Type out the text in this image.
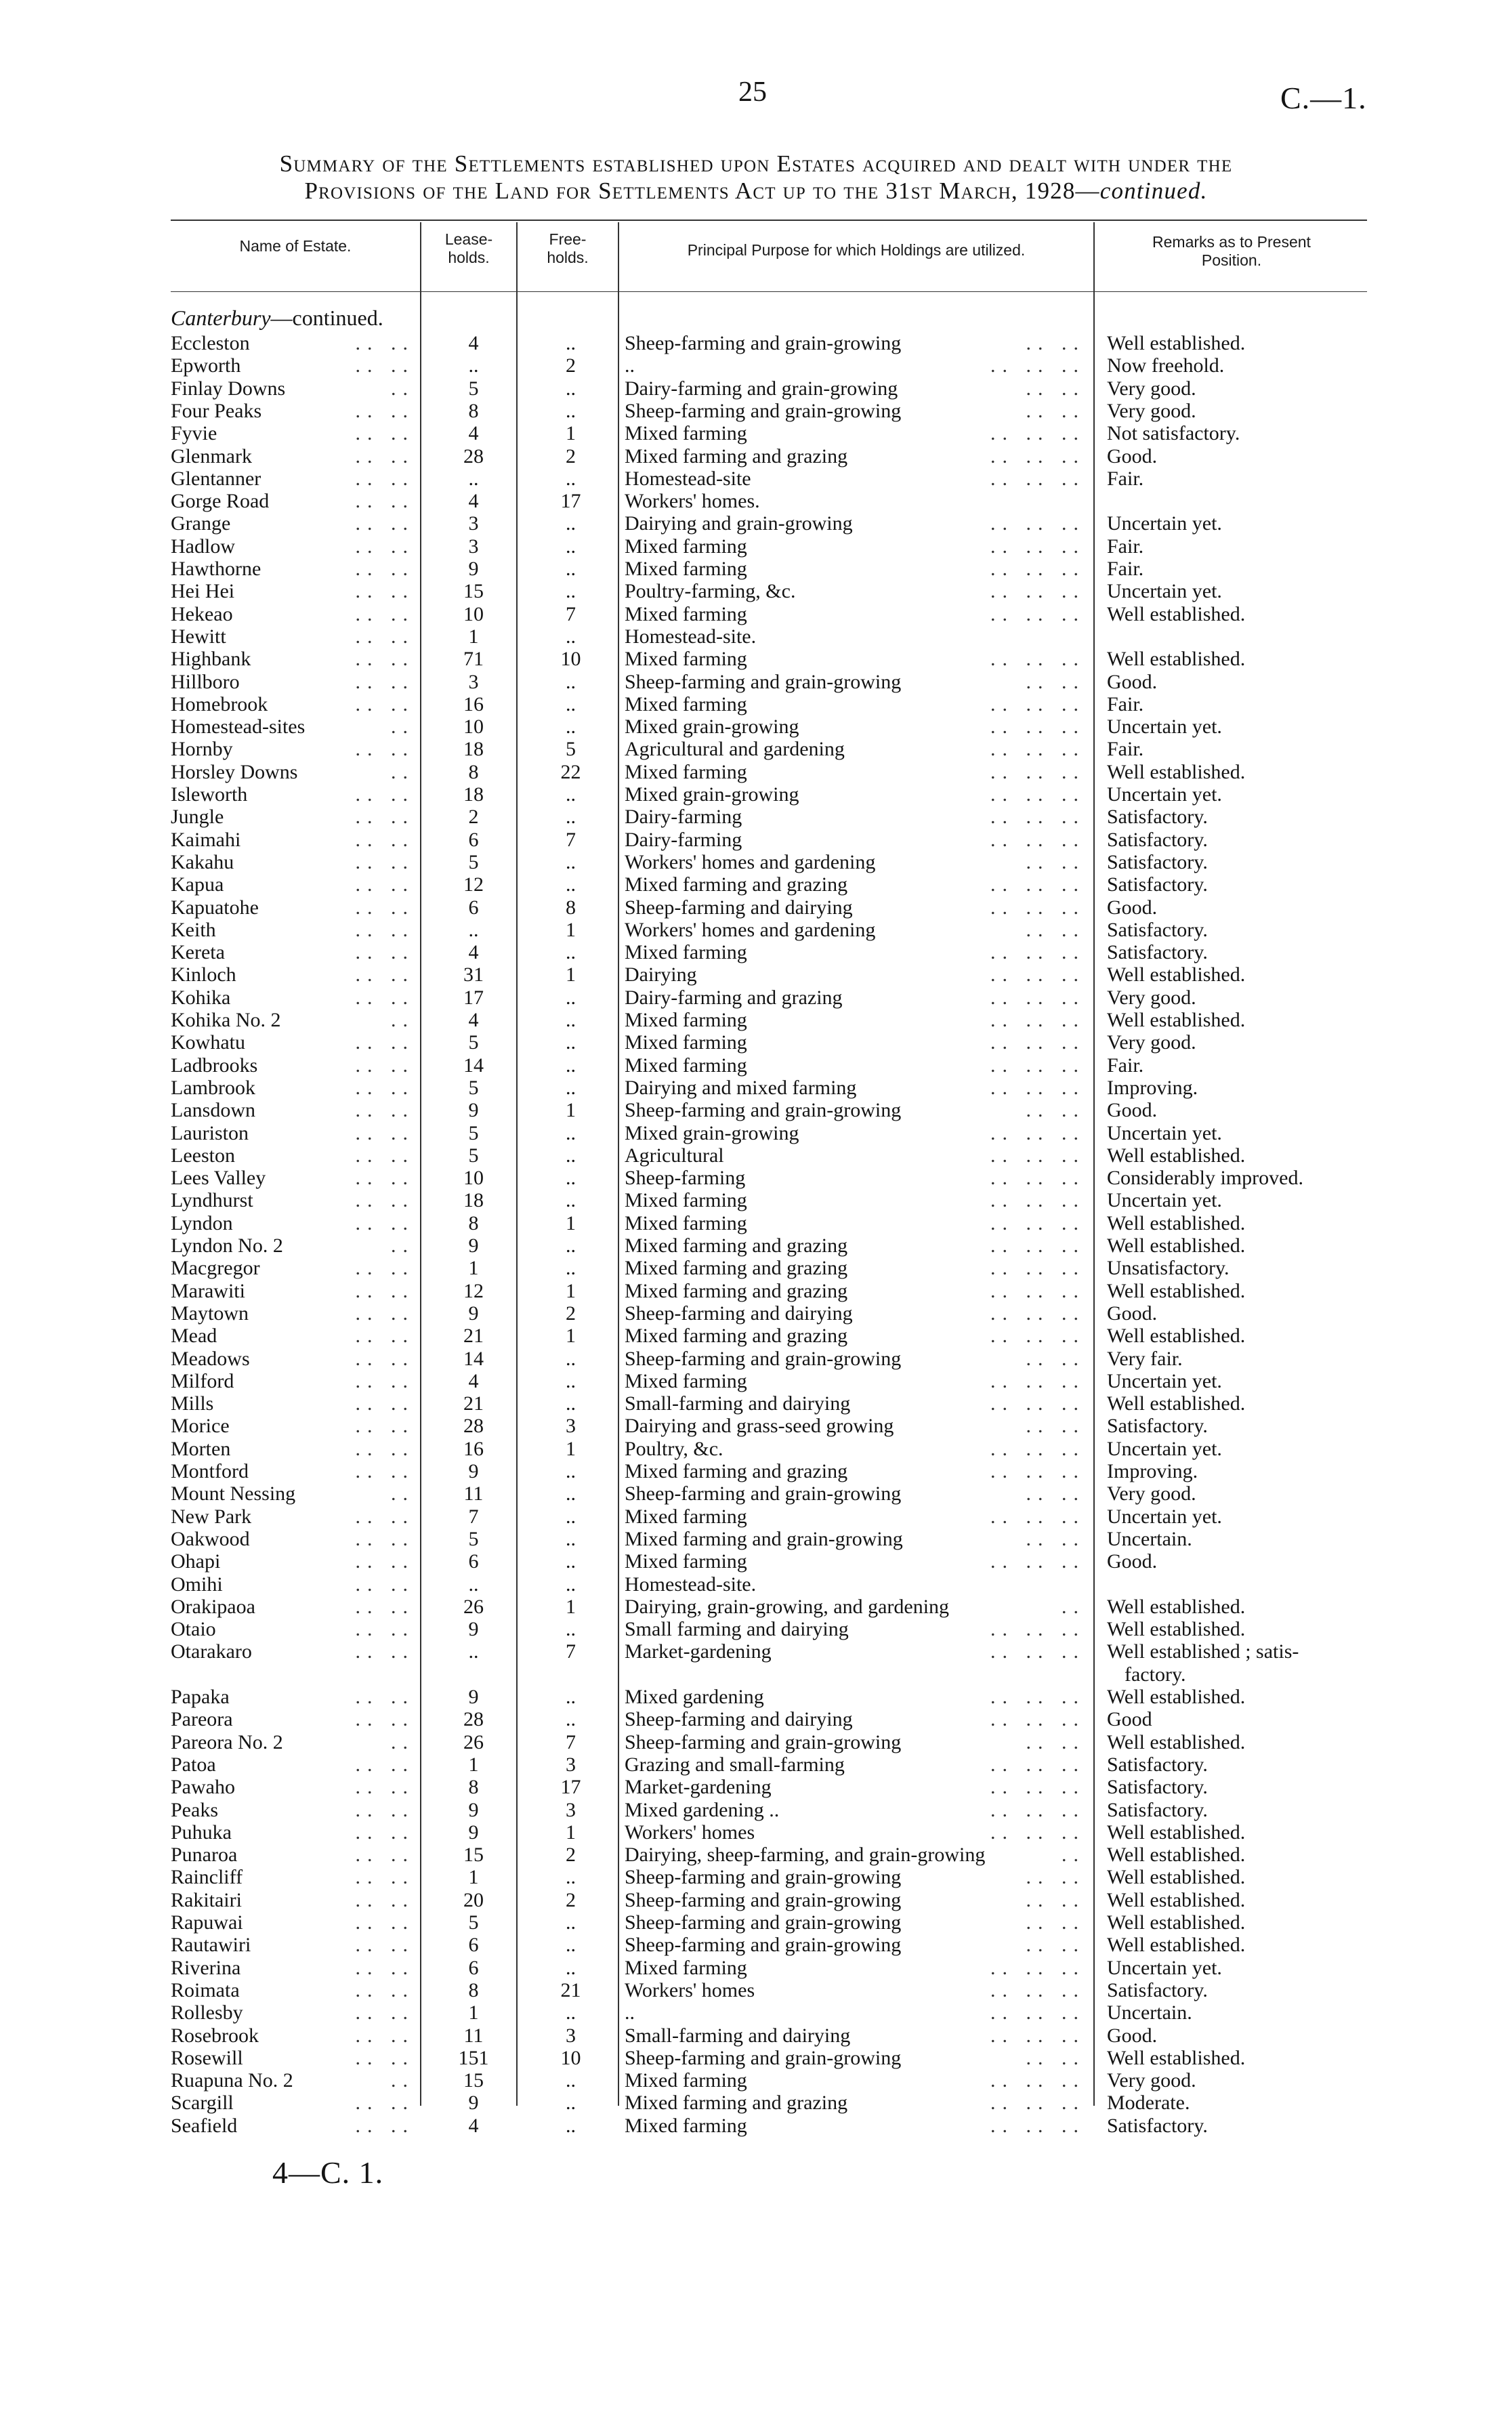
25	C.—1.
Summary of the Settlements established upon Estates acquired and dealt with under the
Provisions of the Land for Settlements Act up to the 31st March, 1928—continued.
Name of Estate.	Lease-
holds.
Free-
holds.	Principal Purpose for which Holdings are utilized.	Remarks as to Present
Position.
Canterbury—continued.
Eccleston	.. ..	4	..	Sheep-farming and grain-growing	.. .. Well established.
Epworth	.. ..	..	2	..	.. .. .. Now freehold.
Finlay Downs	..	5	..	Dairy-farming and grain-growing	.. .. Very good.
Four Peaks	.. ..	8	..	Sheep-farming and grain-growing	.. .. Very good.
Fyvie	.. ..	4	1	Mixed farming	.. .. .. Not satisfactory.
Glenmark	.. ..	28	2	Mixed farming and grazing	.. .. .. Good.
Glentanner	.. ..	..	..	Homestead-site	.. .. .. Fair.
Gorge Road	.. ..	4	17	Workers' homes.
Grange	.. ..	3	..	Dairying and grain-growing	.. .. .. Uncertain yet.
Hadlow	.. ..	3	..	Mixed farming	.. .. .. Fair.
Hawthorne	.. ..	9	..	Mixed farming	.. .. .. Fair.
Hei Hei	.. ..	15	..	Poultry-farming, &c.	.. .. .. Uncertain yet.
Hekeao	.. ..	10	7	Mixed farming	.. .. .. Well established.
Hewitt	.. ..	1	..	Homestead-site.
Highbank	.. ..	71	10	Mixed farming	.. .. .. Well established.
Hillboro	.. ..	3	..	Sheep-farming and grain-growing	.. .. Good.
Homebrook	.. ..	16	..	Mixed farming	.. .. .. Fair.
Homestead-sites	..	10	..	Mixed grain-growing	.. .. .. Uncertain yet.
Hornby	.. ..	18	5	Agricultural and gardening	.. .. .. Fair.
Horsley Downs	..	8	22	Mixed farming	.. .. .. Well established.
Isleworth	.. ..	18	..	Mixed grain-growing	.. .. .. Uncertain yet.
Jungle	.. ..	2	..	Dairy-farming	.. .. .. Satisfactory.
Kaimahi	.. ..	6	7	Dairy-farming	.. .. .. Satisfactory.
Kakahu	.. ..	5	..	Workers' homes and gardening	.. .. Satisfactory.
Kapua	.. ..	12	..	Mixed farming and grazing	.. .. .. Satisfactory.
Kapuatohe	.. ..	6	8	Sheep-farming and dairying	.. .. .. Good.
Keith	.. ..	..	1	Workers' homes and gardening	.. .. Satisfactory.
Kereta	.. ..	4	..	Mixed farming	.. .. .. Satisfactory.
Kinloch	.. ..	31	1	Dairying	.. .. .. Well established.
Kohika	.. ..	17	..	Dairy-farming and grazing	.. .. .. Very good.
Kohika No. 2	..	4	..	Mixed farming	.. .. .. Well established.
Kowhatu	.. ..	5	..	Mixed farming	.. .. .. Very good.
Ladbrooks	.. ..	14	..	Mixed farming	.. .. .. Fair.
Lambrook	.. ..	5	..	Dairying and mixed farming	.. .. .. Improving.
Lansdown	.. ..	9	1	Sheep-farming and grain-growing	.. .. Good.
Lauriston	.. ..	5	..	Mixed grain-growing	.. .. .. Uncertain yet.
Leeston	.. ..	5	..	Agricultural	.. .. .. Well established.
Lees Valley	.. ..	10	..	Sheep-farming	.. .. .. Considerably improved.
Lyndhurst	.. ..	18	..	Mixed farming	.. .. .. Uncertain yet.
Lyndon	.. ..	8	1	Mixed farming	.. .. .. Well established.
Lyndon No. 2	..	9	..	Mixed farming and grazing	.. .. .. Well established.
Macgregor	.. ..	1	..	Mixed farming and grazing	.. .. .. Unsatisfactory.
Marawiti	.. ..	12	1	Mixed farming and grazing	.. .. .. Well established.
Maytown	.. ..	9	2	Sheep-farming and dairying	.. .. .. Good.
Mead	.. ..	21	1	Mixed farming and grazing	.. .. .. Well established.
Meadows	.. ..	14	..	Sheep-farming and grain-growing	.. .. Very fair.
Milford	.. ..	4	..	Mixed farming	.. .. .. Uncertain yet.
Mills	.. ..	21	..	Small-farming and dairying	.. .. .. Well established.
Morice	.. ..	28	3	Dairying and grass-seed growing	.. .. Satisfactory.
Morten	.. ..	16	1	Poultry, &c.	.. .. .. Uncertain yet.
Montford	.. ..	9	..	Mixed farming and grazing	.. .. .. Improving.
Mount Nessing	..	11	..	Sheep-farming and grain-growing	.. .. Very good.
New Park	.. ..	7	..	Mixed farming	.. .. .. Uncertain yet.
Oakwood	.. ..	5	..	Mixed farming and grain-growing	.. .. Uncertain.
Ohapi	.. ..	6	..	Mixed farming	.. .. .. Good.
Omihi	.. ..	..	..	Homestead-site.
Orakipaoa	.. ..	26	1	Dairying, grain-growing, and gardening	.. Well established.
Otaio	.. ..	9	..	Small farming and dairying	.. .. .. Well established.
Otarakaro	.. ..	..	7	Market-gardening	.. .. .. Well established ; satis-
factory.
Papaka	.. ..	9	..	Mixed gardening	.. .. .. Well established.
Pareora	.. ..	28	..	Sheep-farming and dairying	.. .. .. Good
Pareora No. 2	..	26	7	Sheep-farming and grain-growing	.. .. Well established.
Patoa	.. ..	1	3	Grazing and small-farming	.. .. .. Satisfactory.
Pawaho	.. ..	8	17	Market-gardening	.. .. .. Satisfactory.
Peaks	.. ..	9	3	Mixed gardening ..	.. .. .. Satisfactory.
Puhuka	.. ..	9	1	Workers' homes	.. .. .. Well established.
Punaroa	.. ..	15	2	Dairying, sheep-farming, and grain-growing	.. Well established.
Raincliff	.. ..	1	..	Sheep-farming and grain-growing	.. .. Well established.
Rakitairi	.. ..	20	2	Sheep-farming and grain-growing	.. .. Well established.
Rapuwai	.. ..	5	..	Sheep-farming and grain-growing	.. .. Well established.
Rautawiri	.. ..	6	..	Sheep-farming and grain-growing	.. .. Well established.
Riverina	.. ..	6	..	Mixed farming	.. .. .. Uncertain yet.
Roimata	.. ..	8	21	Workers' homes	.. .. .. Satisfactory.
Rollesby	.. ..	1	..	..	.. .. .. Uncertain.
Rosebrook	.. ..	11	3	Small-farming and dairying	.. .. .. Good.
Rosewill	.. ..	151	10	Sheep-farming and grain-growing	.. .. Well established.
Ruapuna No. 2	..	15	..	Mixed farming	.. .. .. Very good.
Scargill	.. ..	9	..	Mixed farming and grazing	.. .. .. Moderate.
Seafield	.. ..	4	..	Mixed farming	.. .. .. Satisfactory.
4—C. 1.
